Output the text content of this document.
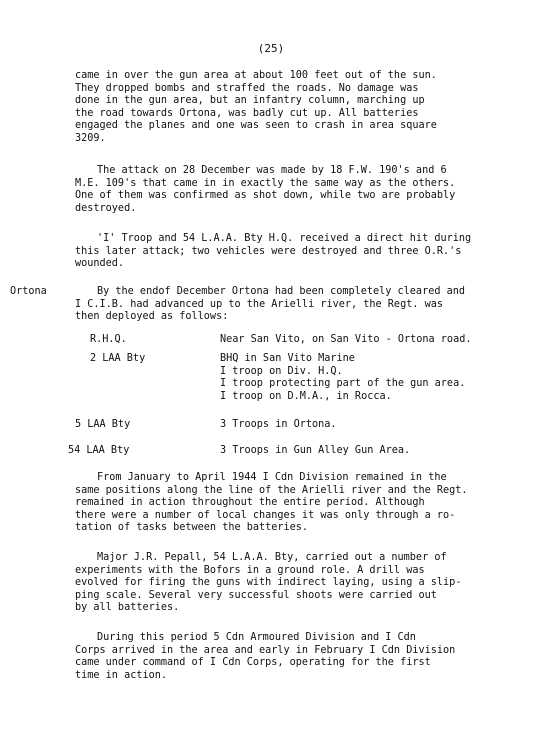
(25)
came in over the gun area at about 100 feet out of the sun.
They dropped bombs and straffed the roads. No damage was
done in the gun area, but an infantry column, marching up
the road towards Ortona, was badly cut up. All batteries
engaged the planes and one was seen to crash in area square
3209.
The attack on 28 December was made by 18 F.W. 190's and 6
M.E. 109's that came in in exactly the same way as the others.
One of them was confirmed as shot down, while two are probably
destroyed.
'I' Troop and 54 L.A.A. Bty H.Q. received a direct hit during
this later attack; two vehicles were destroyed and three O.R.'s
wounded.
Ortona	By the endof December Ortona had been completely cleared and
I C.I.B. had advanced up to the Arielli river, the Regt. was
then deployed as follows:
R.H.Q.	Near San Vito, on San Vito - Ortona road.
2 LAA Bty	BHQ in San Vito Marine
I troop on Div. H.Q.
I troop protecting part of the gun area.
I troop on D.M.A., in Rocca.
5 LAA Bty	3 Troops in Ortona.
54 LAA Bty	3 Troops in Gun Alley Gun Area.
From January to April 1944 I Cdn Division remained in the
same positions along the line of the Arielli river and the Regt.
remained in action throughout the entire period. Although
there were a number of local changes it was only through a ro-
tation of tasks between the batteries.
Major J.R. Pepall, 54 L.A.A. Bty, carried out a number of
experiments with the Bofors in a ground role. A drill was
evolved for firing the guns with indirect laying, using a slip-
ping scale. Several very successful shoots were carried out
by all batteries.
During this period 5 Cdn Armoured Division and I Cdn
Corps arrived in the area and early in February I Cdn Division
came under command of I Cdn Corps, operating for the first
time in action.
